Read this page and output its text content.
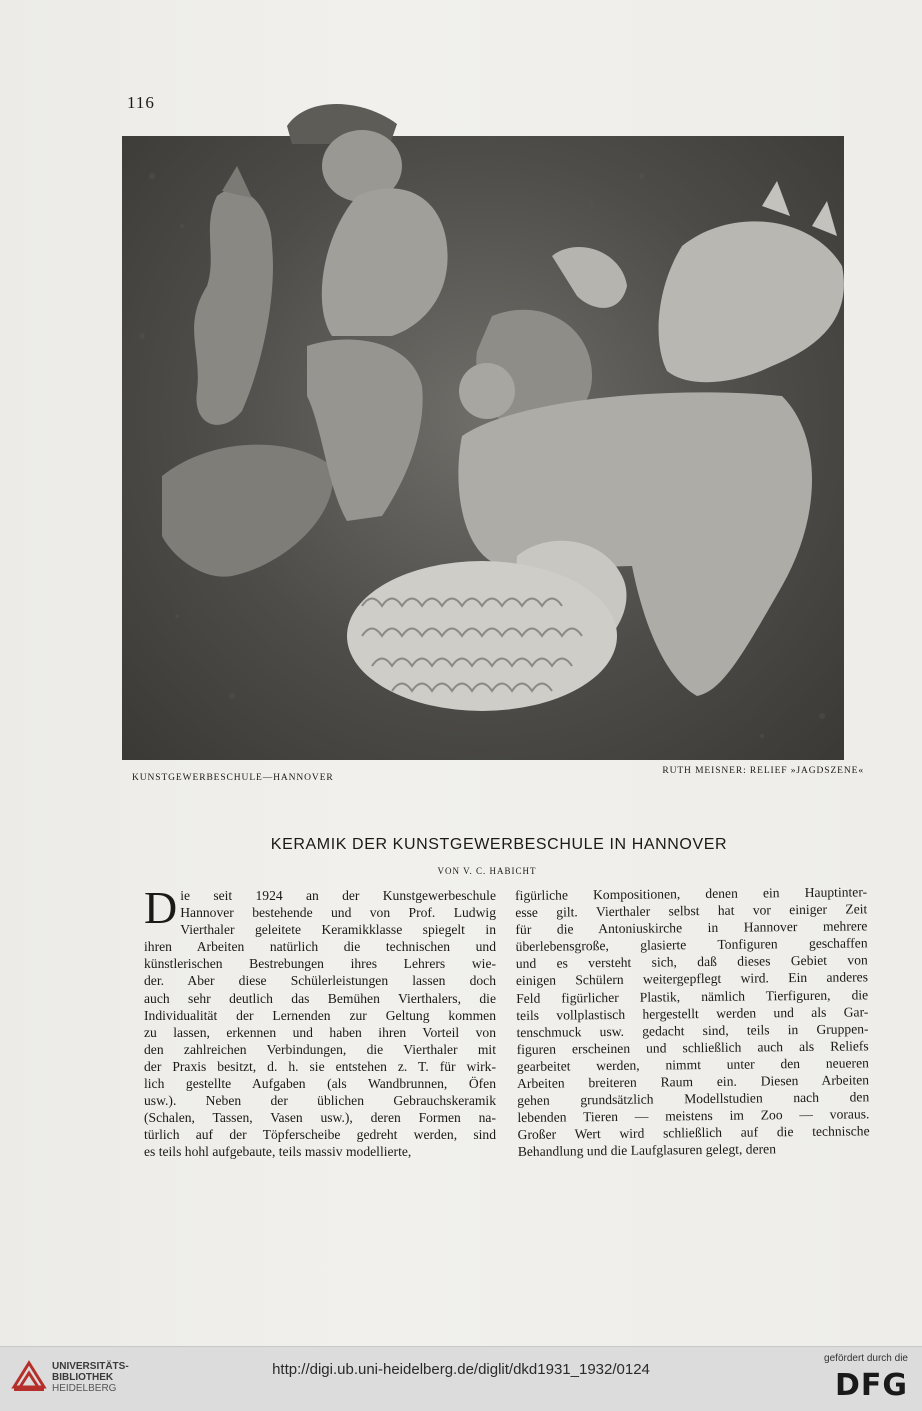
116
KUNSTGEWERBESCHULE—HANNOVER
RUTH MEISNER: RELIEF »JAGDSZENE«
KERAMIK DER KUNSTGEWERBESCHULE IN HANNOVER
VON V. C. HABICHT
D ie seit 1924 an der Kunstgewerbeschule
Hannover bestehende und von Prof. Ludwig
Vierthaler geleitete Keramikklasse spiegelt in
ihren Arbeiten natürlich die technischen und
künstlerischen Bestrebungen ihres Lehrers wie-
der. Aber diese Schülerleistungen lassen doch
auch sehr deutlich das Bemühen Vierthalers, die
Individualität der Lernenden zur Geltung kommen
zu lassen, erkennen und haben ihren Vorteil von
den zahlreichen Verbindungen, die Vierthaler mit
der Praxis besitzt, d. h. sie entstehen z. T. für wirk-
lich gestellte Aufgaben (als Wandbrunnen, Öfen
usw.). Neben der üblichen Gebrauchskeramik
(Schalen, Tassen, Vasen usw.), deren Formen na-
türlich auf der Töpferscheibe gedreht werden, sind
es teils hohl aufgebaute, teils massiv modellierte,
figürliche Kompositionen, denen ein Hauptinter-
esse gilt. Vierthaler selbst hat vor einiger Zeit
für die Antoniuskirche in Hannover mehrere
überlebensgroße, glasierte Tonfiguren geschaffen
und es versteht sich, daß dieses Gebiet von
einigen Schülern weitergepflegt wird. Ein anderes
Feld figürlicher Plastik, nämlich Tierfiguren, die
teils vollplastisch hergestellt werden und als Gar-
tenschmuck usw. gedacht sind, teils in Gruppen-
figuren erscheinen und schließlich auch als Reliefs
gearbeitet werden, nimmt unter den neueren
Arbeiten breiteren Raum ein. Diesen Arbeiten
gehen grundsätzlich Modellstudien nach den
lebenden Tieren — meistens im Zoo — voraus.
Großer Wert wird schließlich auf die technische
Behandlung und die Laufglasuren gelegt, deren
UNIVERSITÄTS-
BIBLIOTHEK
HEIDELBERG
http://digi.ub.uni-heidelberg.de/diglit/dkd1931_1932/0124
gefördert durch die
DFG
